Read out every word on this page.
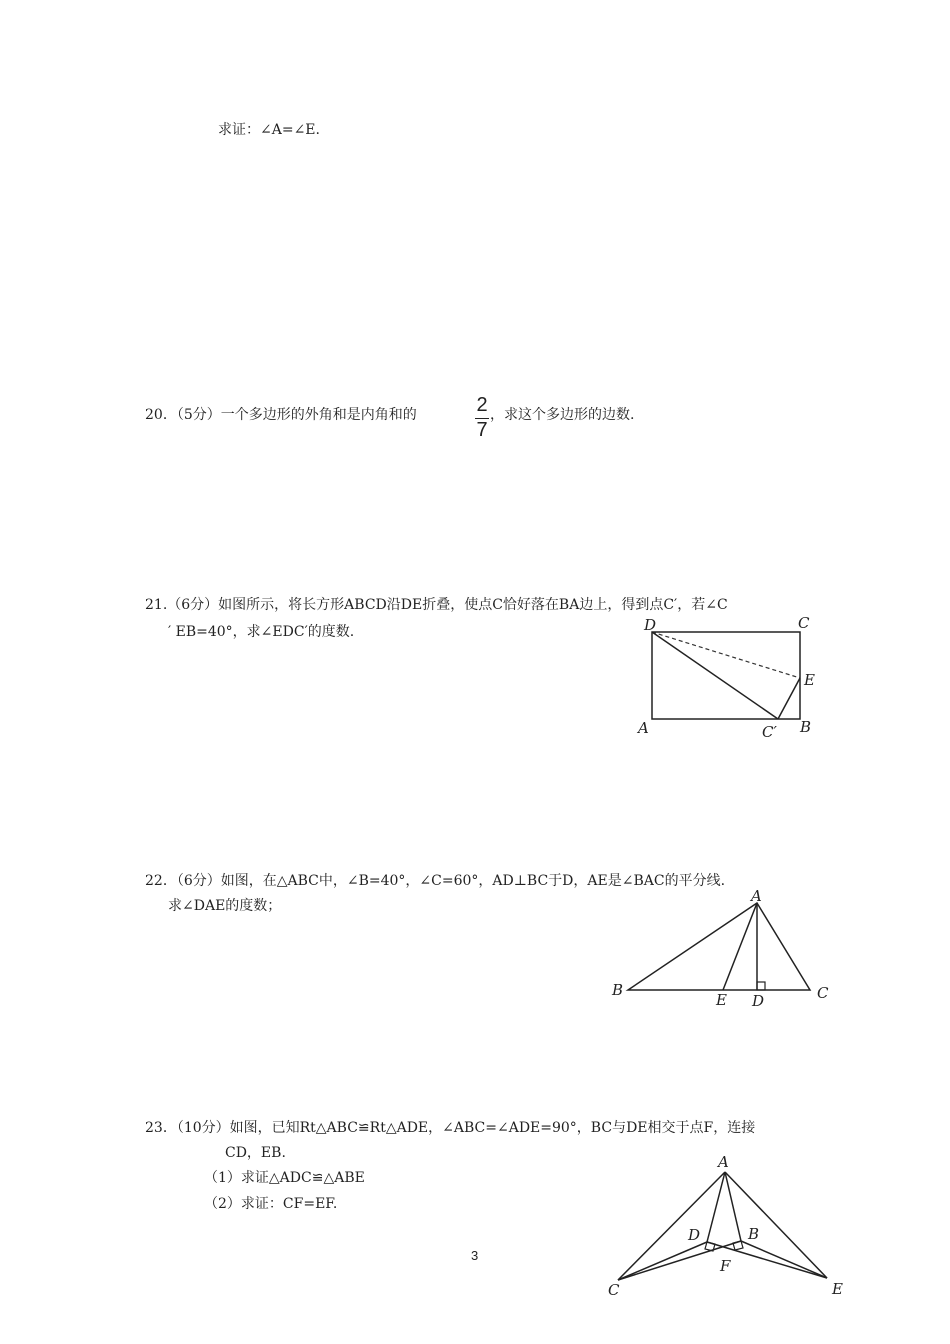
求证：∠A=∠E.
20．（5分）一个多边形的外角和是内角和的	2
7
，求这个多边形的边数.
21.（6分）如图所示，将长方形ABCD沿DE折叠，使点C恰好落在BA边上，得到点C′，若∠C
′ EB=40°，求∠EDC′的度数.	D	C
E
A	C′ B
22．（6分）如图，在△ABC中，∠B=40°，∠C=60°，AD⊥BC于D，AE是∠BAC的平分线.
求∠DAE的度数；
A
B
E D	C
23．（10分）如图，已知Rt△ABC≌Rt△ADE，∠ABC=∠ADE=90°，BC与DE相交于点F，连接
CD，EB.
（1）求证△ADC≌△ABE
（2）求证：CF=EF.
A
D	B
F
C	E
3
